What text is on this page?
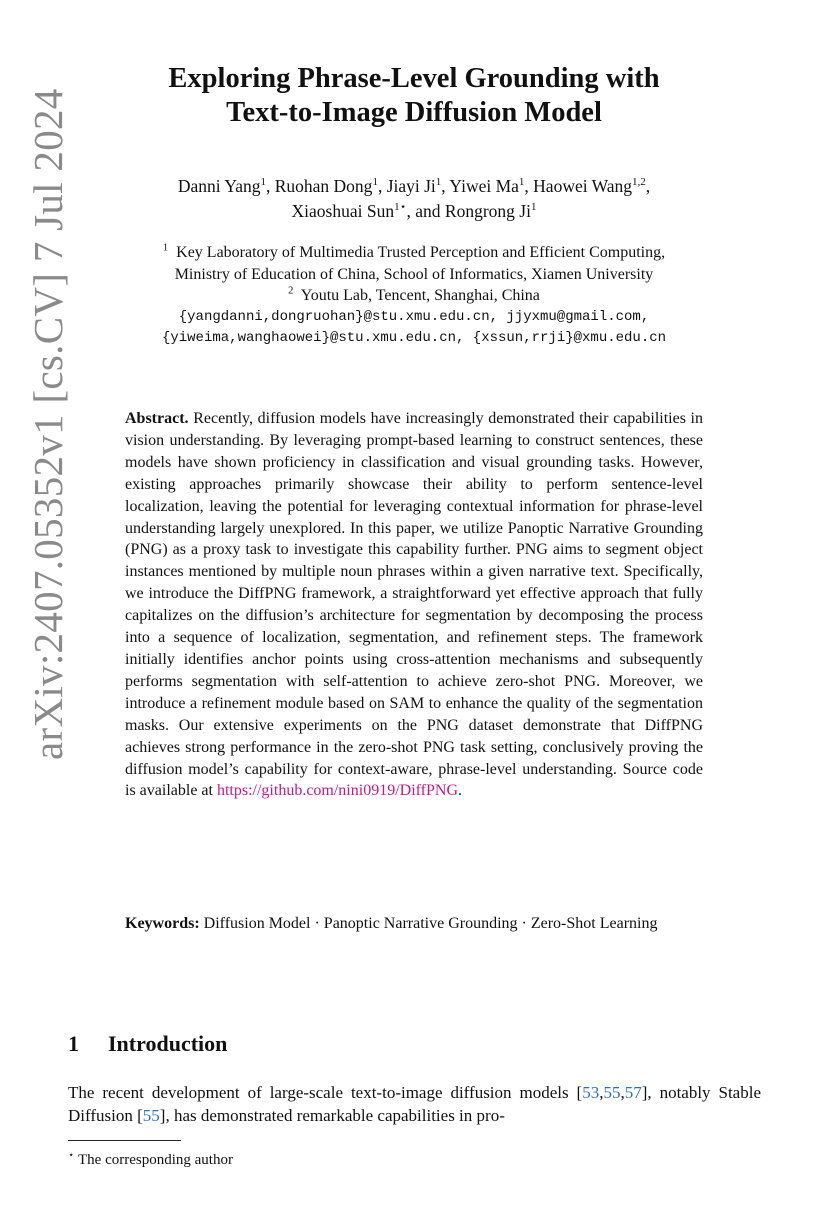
arXiv:2407.05352v1 [cs.CV] 7 Jul 2024
Exploring Phrase-Level Grounding with
Text-to-Image Diffusion Model
Danni Yang$^1$, Ruohan Dong$^1$, Jiayi Ji$^1$, Yiwei Ma$^1$, Haowei Wang$^{1,2}$,
Xiaoshuai Sun$^{1⋆}$, and Rongrong Ji$^1$
$^1$ Key Laboratory of Multimedia Trusted Perception and Efficient Computing,
Ministry of Education of China, School of Informatics, Xiamen University
$^2$ Youtu Lab, Tencent, Shanghai, China
{yangdanni,dongruohan}@stu.xmu.edu.cn, jjyxmu@gmail.com,
{yiweima,wanghaowei}@stu.xmu.edu.cn, {xssun,rrji}@xmu.edu.cn
Abstract. Recently, diffusion models have increasingly demonstrated their capabilities in vision understanding. By leveraging prompt-based learning to construct sentences, these models have shown proficiency in classification and visual grounding tasks. However, existing approaches primarily showcase their ability to perform sentence-level localization, leaving the potential for leveraging contextual information for phrase-level understanding largely unexplored. In this paper, we utilize Panoptic Narrative Grounding (PNG) as a proxy task to investigate this capability further. PNG aims to segment object instances mentioned by multiple noun phrases within a given narrative text. Specifically, we introduce the DiffPNG framework, a straightforward yet effective approach that fully capitalizes on the diffusion’s architecture for segmentation by decomposing the process into a sequence of localization, segmentation, and refinement steps. The framework initially identifies anchor points using cross-attention mechanisms and subsequently performs segmentation with self-attention to achieve zero-shot PNG. Moreover, we introduce a refinement module based on SAM to enhance the quality of the segmentation masks. Our extensive experiments on the PNG dataset demonstrate that DiffPNG achieves strong performance in the zero-shot PNG task setting, conclusively proving the diffusion model’s capability for context-aware, phrase-level understanding. Source code is available at https://github.com/nini0919/DiffPNG.
Keywords: Diffusion Model · Panoptic Narrative Grounding · Zero-Shot Learning
1 Introduction
The recent development of large-scale text-to-image diffusion models [53,55,57], notably Stable Diffusion [55], has demonstrated remarkable capabilities in pro-
⋆ The corresponding author
